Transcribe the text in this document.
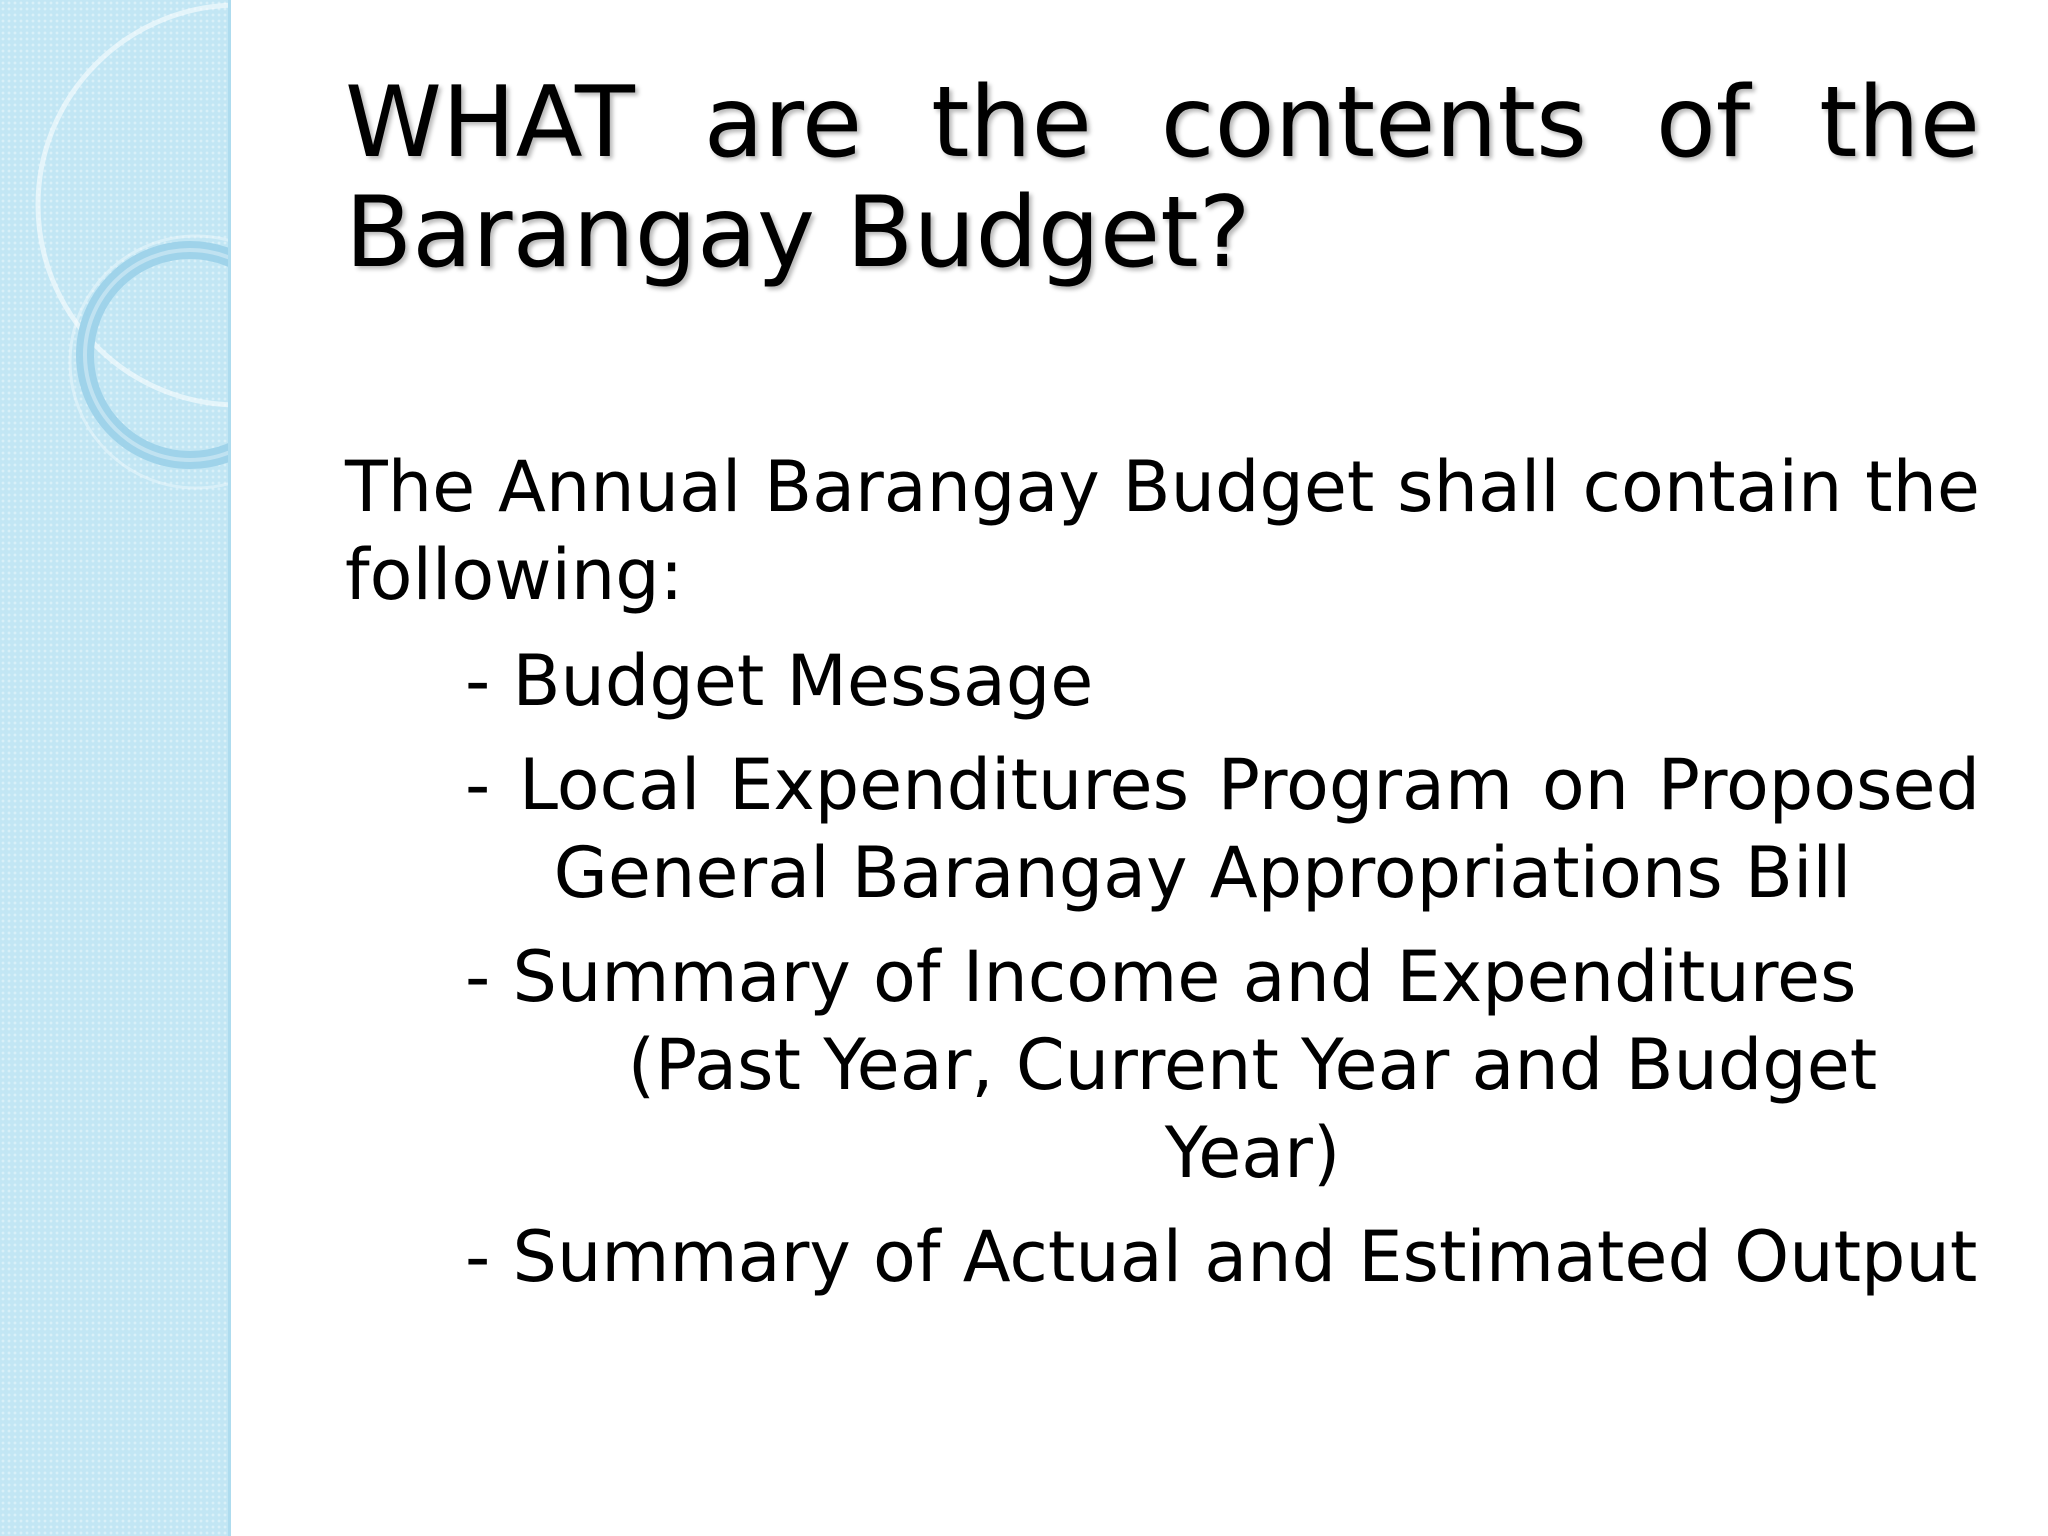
WHAT are the contents of the Barangay Budget?

The Annual Barangay Budget shall contain the following:

- Budget Message
- Local Expenditures Program on Proposed
General Barangay Appropriations Bill
- Summary of Income and Expenditures
(Past Year, Current Year and Budget Year)
- Summary of Actual and Estimated Output
